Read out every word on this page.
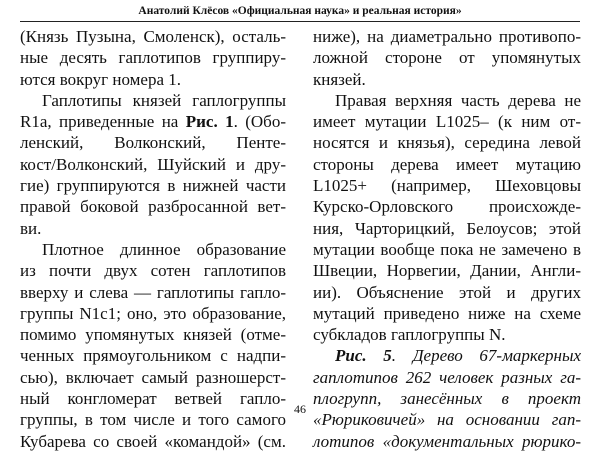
Анатолий Клёсов «Официальная наука» и реальная история»

(Князь Пузына, Смоленск), осталь-

ные десять гаплотипов группиру-

ются вокруг номера 1.

Гаплотипы князей гаплогруппы

R1a, приведенные на Рис. 1. (Обо-

ленский, Волконский, Пенте-

кост/Волконский, Шуйский и дру-

гие) группируются в нижней части

правой боковой разбросанной вет-

ви.

Плотное длинное образование

из почти двух сотен гаплотипов

вверху и слева — гаплотипы гапло-

группы N1c1; оно, это образование,

помимо упомянутых князей (отме-

ченных прямоугольником с надпи-

сью), включает самый разношерст-

ный конгломерат ветвей гапло-

группы, в том числе и того самого

Кубарева со своей «командой» (см.

ниже), на диаметрально противопо-

ложной стороне от упомянутых

князей.

Правая верхняя часть дерева не

имеет мутации L1025– (к ним от-

носятся и князья), середина левой

стороны дерева имеет мутацию

L1025+ (например, Шеховцовы

Курско-Орловского происхожде-

ния, Чарторицкий, Белоусов; этой

мутации вообще пока не замечено в

Швеции, Норвегии, Дании, Англи-

ии). Объяснение этой и других

мутаций приведено ниже на схеме

субкладов гаплогруппы N.

Рис. 5. Дерево 67-маркерных

гаплотипов 262 человек разных га-

плогрупп, занесённых в проект

«Рюриковичей» на основании гап-

лотипов «документальных рюрико-

46
